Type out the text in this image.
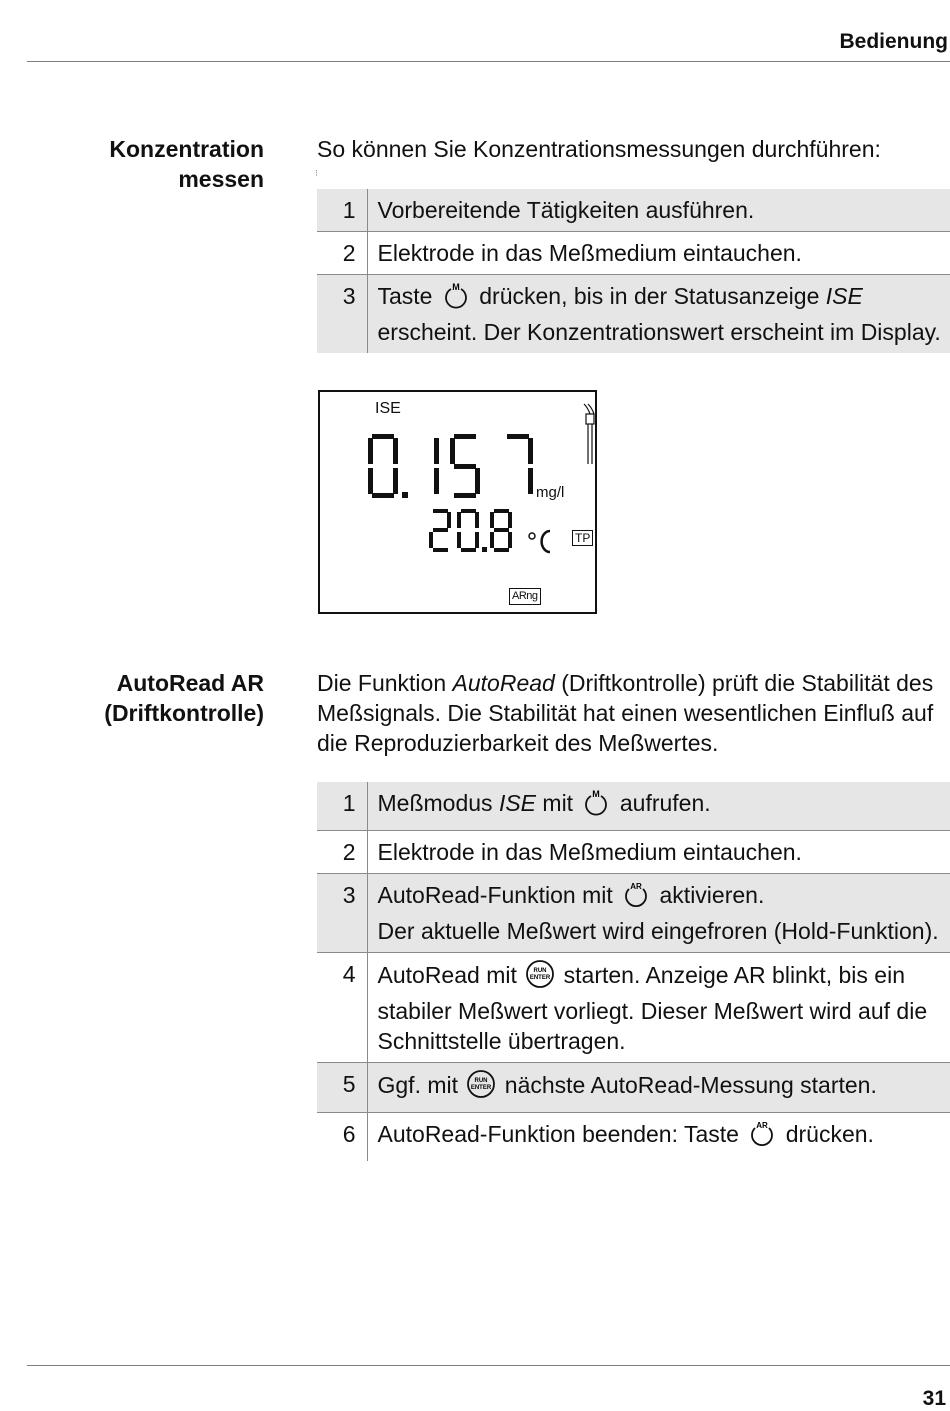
Bedienung
Konzentration
messen
So können Sie Konzentrationsmessungen durchführen:
⁝
1	Vorbereitende Tätigkeiten ausführen.
2	Elektrode in das Meßmedium eintauchen.
3	Taste M drücken, bis in der Statusanzeige ISE erscheint. Der Konzentrationswert erscheint im Display.
ISE
mg/l
TP
ARng
AutoRead AR
(Driftkontrolle)
Die Funktion AutoRead (Driftkontrolle) prüft die Stabilität des Meßsignals. Die Stabilität hat einen wesentlichen Einfluß auf die Reproduzierbarkeit des Meßwertes.
1	Meßmodus ISE mit M aufrufen.
2	Elektrode in das Meßmedium eintauchen.
3	AutoRead-Funktion mit AR aktivieren.
Der aktuelle Meßwert wird eingefroren (Hold-Funktion).
4	AutoRead mit RUN
ENTER starten. Anzeige AR blinkt, bis ein stabiler Meßwert vorliegt. Dieser Meßwert wird auf die Schnittstelle übertragen.
5	Ggf. mit RUN
ENTER nächste AutoRead-Messung starten.
6	AutoRead-Funktion beenden: Taste AR drücken.
31
